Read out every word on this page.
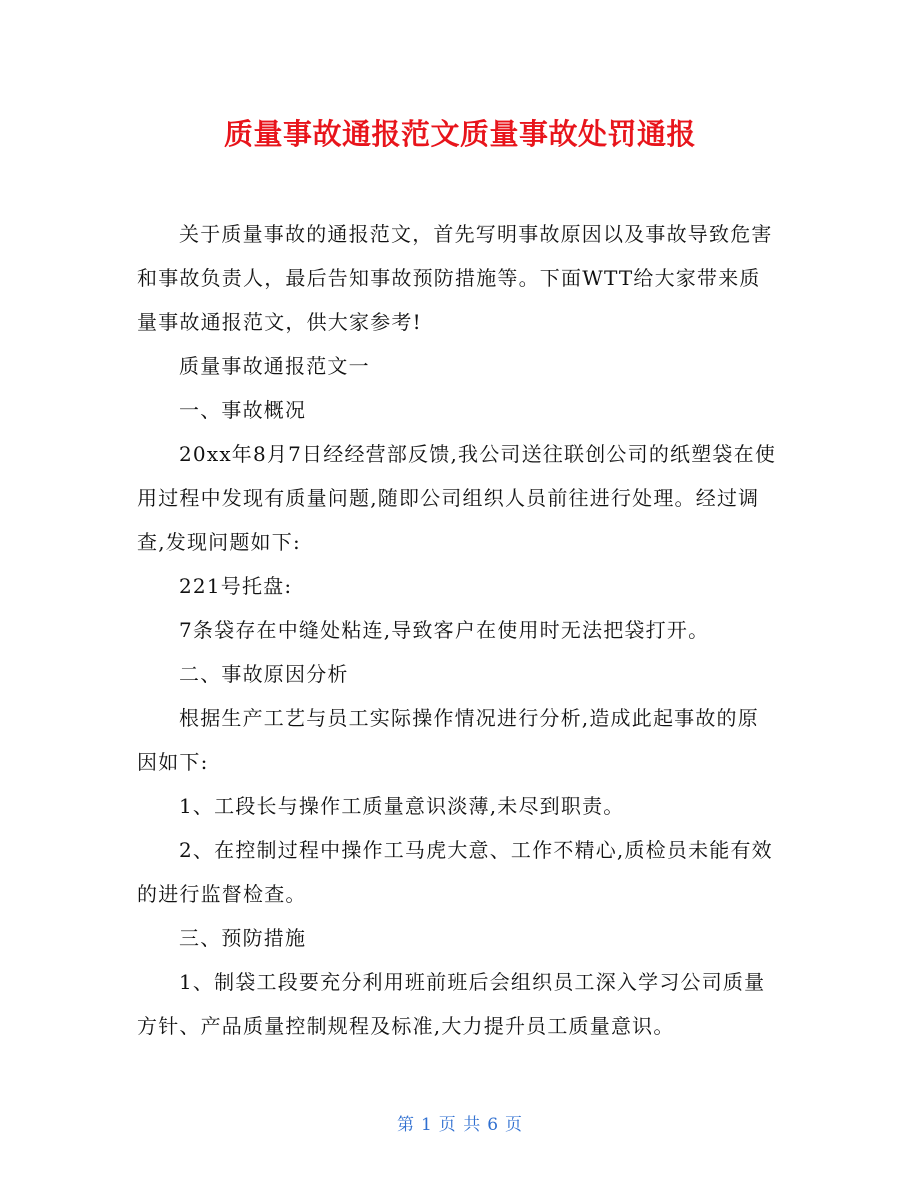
质量事故通报范文质量事故处罚通报

关于质量事故的通报范文，首先写明事故原因以及事故导致危害和事故负责人，最后告知事故预防措施等。下面WTT给大家带来质量事故通报范文，供大家参考!

质量事故通报范文一

一、事故概况

20xx年8月7日经经营部反馈,我公司送往联创公司的纸塑袋在使用过程中发现有质量问题,随即公司组织人员前往进行处理。经过调查,发现问题如下:

221号托盘:

7条袋存在中缝处粘连,导致客户在使用时无法把袋打开。

二、事故原因分析

根据生产工艺与员工实际操作情况进行分析,造成此起事故的原因如下:

1、工段长与操作工质量意识淡薄,未尽到职责。

2、在控制过程中操作工马虎大意、工作不精心,质检员未能有效的进行监督检查。

三、预防措施

1、制袋工段要充分利用班前班后会组织员工深入学习公司质量方针、产品质量控制规程及标准,大力提升员工质量意识。

第 1 页 共 6 页
